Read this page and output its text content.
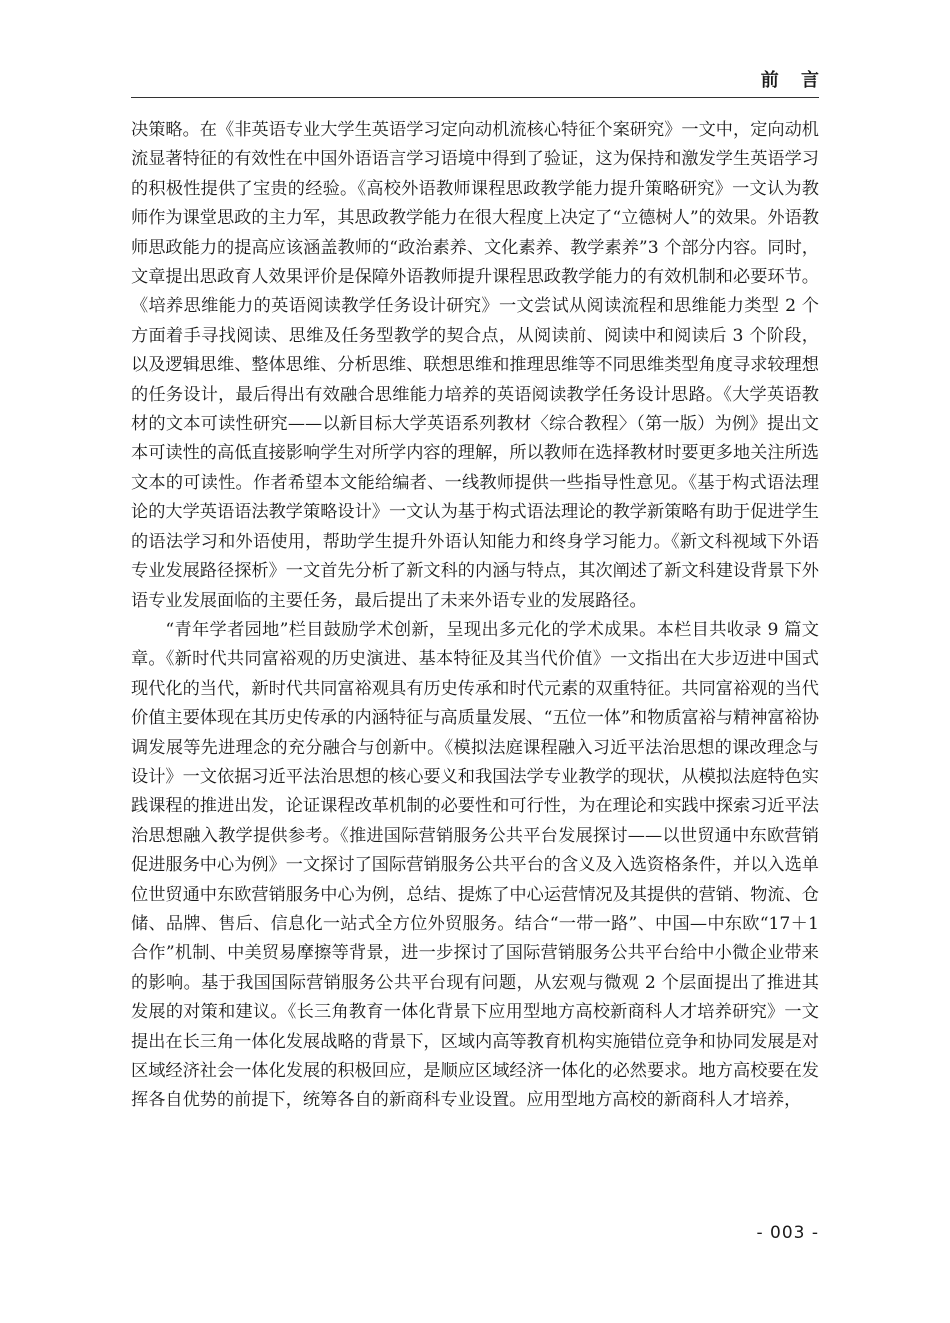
前 言

决策略。在《非英语专业大学生英语学习定向动机流核心特征个案研究》一文中，定向动机流显著特征的有效性在中国外语语言学习语境中得到了验证，这为保持和激发学生英语学习的积极性提供了宝贵的经验。《高校外语教师课程思政教学能力提升策略研究》一文认为教师作为课堂思政的主力军，其思政教学能力在很大程度上决定了“立德树人”的效果。外语教师思政能力的提高应该涵盖教师的“政治素养、文化素养、教学素养”3 个部分内容。同时，文章提出思政育人效果评价是保障外语教师提升课程思政教学能力的有效机制和必要环节。《培养思维能力的英语阅读教学任务设计研究》一文尝试从阅读流程和思维能力类型 2 个方面着手寻找阅读、思维及任务型教学的契合点，从阅读前、阅读中和阅读后 3 个阶段，以及逻辑思维、整体思维、分析思维、联想思维和推理思维等不同思维类型角度寻求较理想的任务设计，最后得出有效融合思维能力培养的英语阅读教学任务设计思路。《大学英语教材的文本可读性研究——以新目标大学英语系列教材〈综合教程〉（第一版）为例》提出文本可读性的高低直接影响学生对所学内容的理解，所以教师在选择教材时要更多地关注所选文本的可读性。作者希望本文能给编者、一线教师提供一些指导性意见。《基于构式语法理论的大学英语语法教学策略设计》一文认为基于构式语法理论的教学新策略有助于促进学生的语法学习和外语使用，帮助学生提升外语认知能力和终身学习能力。《新文科视域下外语专业发展路径探析》一文首先分析了新文科的内涵与特点，其次阐述了新文科建设背景下外语专业发展面临的主要任务，最后提出了未来外语专业的发展路径。

“青年学者园地”栏目鼓励学术创新，呈现出多元化的学术成果。本栏目共收录 9 篇文章。《新时代共同富裕观的历史演进、基本特征及其当代价值》一文指出在大步迈进中国式现代化的当代，新时代共同富裕观具有历史传承和时代元素的双重特征。共同富裕观的当代价值主要体现在其历史传承的内涵特征与高质量发展、“五位一体”和物质富裕与精神富裕协调发展等先进理念的充分融合与创新中。《模拟法庭课程融入习近平法治思想的课改理念与设计》一文依据习近平法治思想的核心要义和我国法学专业教学的现状，从模拟法庭特色实践课程的推进出发，论证课程改革机制的必要性和可行性，为在理论和实践中探索习近平法治思想融入教学提供参考。《推进国际营销服务公共平台发展探讨——以世贸通中东欧营销促进服务中心为例》一文探讨了国际营销服务公共平台的含义及入选资格条件，并以入选单位世贸通中东欧营销服务中心为例，总结、提炼了中心运营情况及其提供的营销、物流、仓储、品牌、售后、信息化一站式全方位外贸服务。结合“一带一路”、中国—中东欧“17＋1 合作”机制、中美贸易摩擦等背景，进一步探讨了国际营销服务公共平台给中小微企业带来的影响。基于我国国际营销服务公共平台现有问题，从宏观与微观 2 个层面提出了推进其发展的对策和建议。《长三角教育一体化背景下应用型地方高校新商科人才培养研究》一文提出在长三角一体化发展战略的背景下，区域内高等教育机构实施错位竞争和协同发展是对区域经济社会一体化发展的积极回应，是顺应区域经济一体化的必然要求。地方高校要在发挥各自优势的前提下，统筹各自的新商科专业设置。应用型地方高校的新商科人才培养，

- 003 -
